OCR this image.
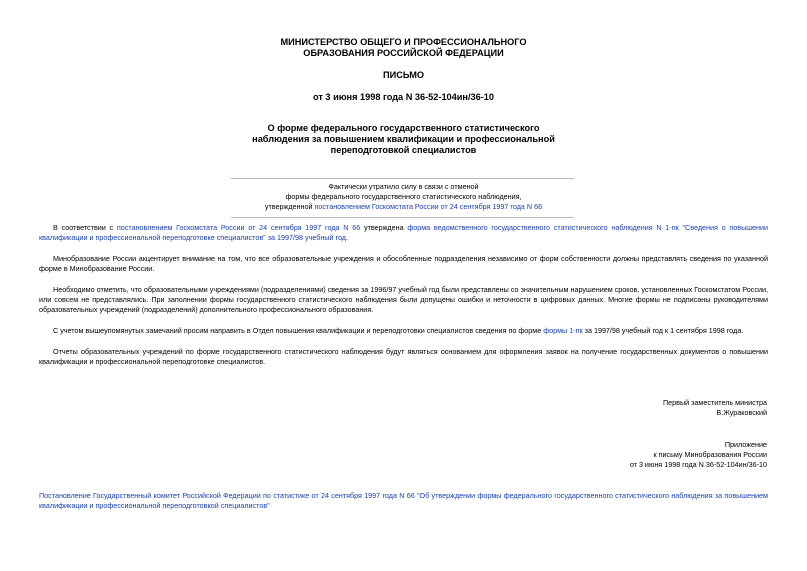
МИНИСТЕРСТВО ОБЩЕГО И ПРОФЕССИОНАЛЬНОГО
ОБРАЗОВАНИЯ РОССИЙСКОЙ ФЕДЕРАЦИИ
ПИСЬМО
от 3 июня 1998 года N 36-52-104ин/36-10
О форме федерального государственного статистического
наблюдения за повышением квалификации и профессиональной
переподготовкой специалистов
Фактически утратило силу в связи с отменой
формы федерального государственного статистического наблюдения,
утвержденной постановлением Госкомстата России от 24 сентября 1997 года N 66
В соответствии с постановлением Госкомстата России от 24 сентября 1997 года N 66 утверждена форма ведомственного государственного статистического наблюдения N 1-пк "Сведения о повышении квалификации и профессиональной переподготовке специалистов" за 1997/98 учебный год.
Минобразование России акцентирует внимание на том, что все образовательные учреждения и обособленные подразделения независимо от форм собственности должны представлять сведения по указанной форме в Минобразование России.
Необходимо отметить, что образовательными учреждениями (подразделениями) сведения за 1996/97 учебный год были представлены со значительным нарушением сроков, установленных Госкомстатом России, или совсем не представлялись. При заполнении формы государственного статистического наблюдения были допущены ошибки и неточности в цифровых данных. Многие формы не подписаны руководителями образовательных учреждений (подразделений) дополнительного профессионального образования.
С учетом вышеупомянутых замечаний просим направить в Отдел повышения квалификации и переподготовки специалистов сведения по форме формы 1-пк за 1997/98 учебный год к 1 сентября 1998 года.
Отчеты образовательных учреждений по форме государственного статистического наблюдения будут являться основанием для оформления заявок на получение государственных документов о повышении квалификации и профессиональной переподготовке специалистов.
Первый заместитель министра
В.Жураковский
Приложение
к письму Минобразования России
от 3 июня 1998 года N 36-52-104ин/36-10
Постановление Государственный комитет Российской Федерации по статистике от 24 сентября 1997 года N 66 "Об утверждении формы федерального государственного статистического наблюдения за повышением квалификации и профессиональной переподготовкой специалистов"
